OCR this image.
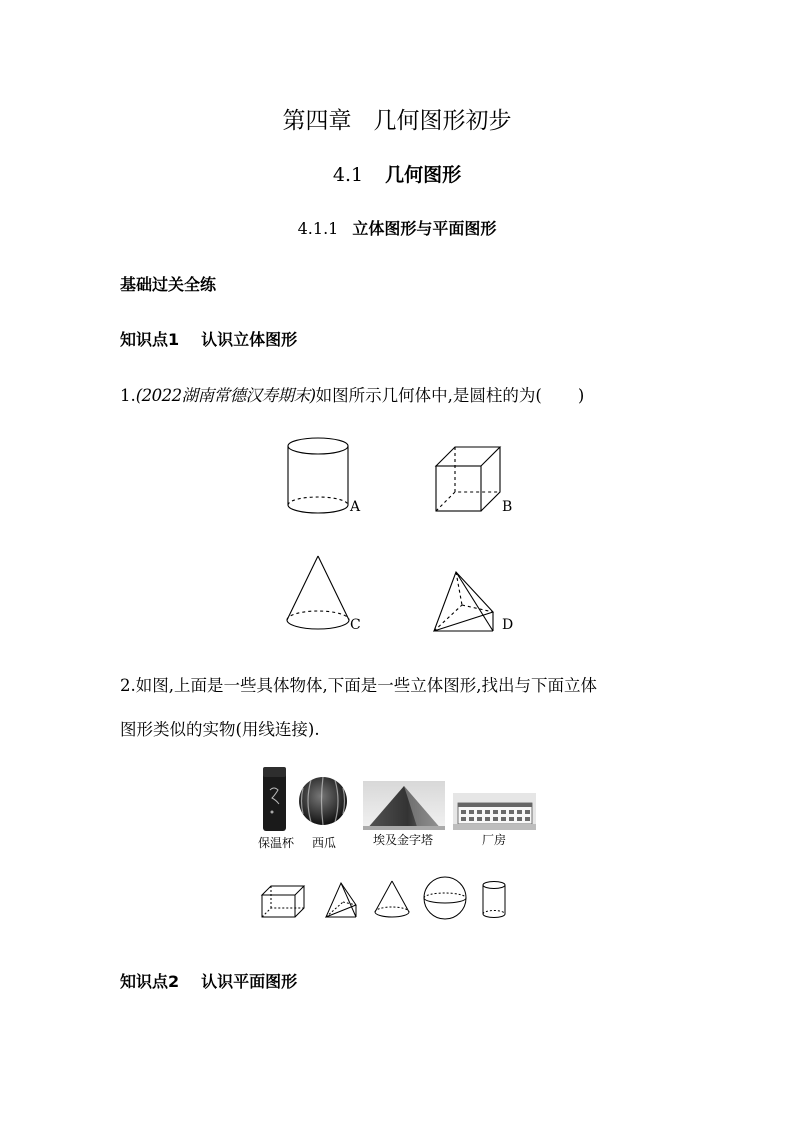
第四章 几何图形初步
4.1 几何图形
4.1.1 立体图形与平面图形
基础过关全练
知识点1 认识立体图形
1.(2022湖南常德汉寿期末)如图所示几何体中,是圆柱的为( )
A	B
C	D
2.如图,上面是一些具体物体,下面是一些立体图形,找出与下面立体
图形类似的实物(用线连接).
保温杯 西瓜	埃及金字塔	厂房
知识点2 认识平面图形
